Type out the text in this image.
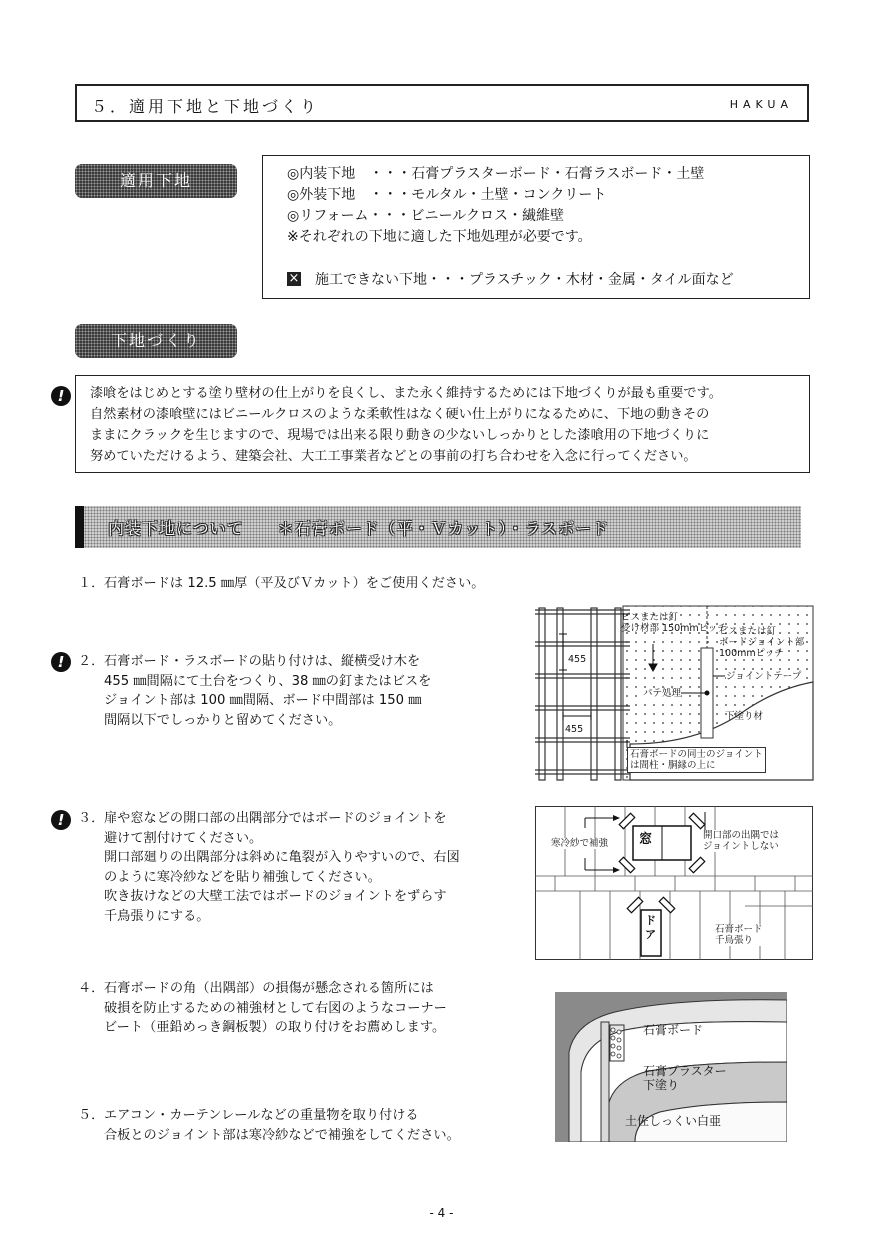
５．適用下地と下地づくり	HAKUA
適用下地	◎内装下地　・・・石膏プラスターボード・石膏ラスボード・土壁
◎外装下地　・・・モルタル・土壁・コンクリート
◎リフォーム・・・ビニールクロス・繊維壁
※それぞれの下地に適した下地処理が必要です。
× 施工できない下地・・・プラスチック・木材・金属・タイル面など
下地づくり
!	漆喰をはじめとする塗り壁材の仕上がりを良くし、また永く維持するためには下地づくりが最も重要です。
自然素材の漆喰壁にはビニールクロスのような柔軟性はなく硬い仕上がりになるために、下地の動きその
ままにクラックを生じますので、現場では出来る限り動きの少ないしっかりとした漆喰用の下地づくりに
努めていただけるよう、建築会社、大工工事業者などとの事前の打ち合わせを入念に行ってください。
内装下地について　　＊石膏ボード（平・Ｖカット）・ラスボード
１．石膏ボードは 12.5 ㎜厚（平及びＶカット）をご使用ください。
!	２．石膏ボード・ラスボードの貼り付けは、縦横受け木を
455 ㎜間隔にて土台をつくり、38 ㎜の釘またはビスを
ジョイント部は 100 ㎜間隔、ボード中間部は 150 ㎜
間隔以下でしっかりと留めてください。
!	３．扉や窓などの開口部の出隅部分ではボードのジョイントを
避けて割付けてください。
開口部廻りの出隅部分は斜めに亀裂が入りやすいので、右図
のように寒冷紗などを貼り補強してください。
吹き抜けなどの大壁工法ではボードのジョイントをずらす
千鳥張りにする。
４．石膏ボードの角（出隅部）の損傷が懸念される箇所には
破損を防止するための補強材として右図のようなコーナー
ビート（亜鉛めっき鋼板製）の取り付けをお薦めします。
５．エアコン・カーテンレールなどの重量物を取り付ける
合板とのジョイント部は寒冷紗などで補強をしてください。
455
455
ビスまたは釘
受け材部 150mmピッチ
ビスまたは釘
ボードジョイント部
100mmピッチ
ジョイントテープ
パテ処理
下塗り材
石膏ボードの同士のジョイント
は間柱・胴縁の上に
窓
ド
ア
寒冷紗で補強
開口部の出隅では
ジョイントしない
石膏ボード
千鳥張り
石膏ボード
石膏プラスター
下塗り
土佐しっくい白亜
- 4 -
